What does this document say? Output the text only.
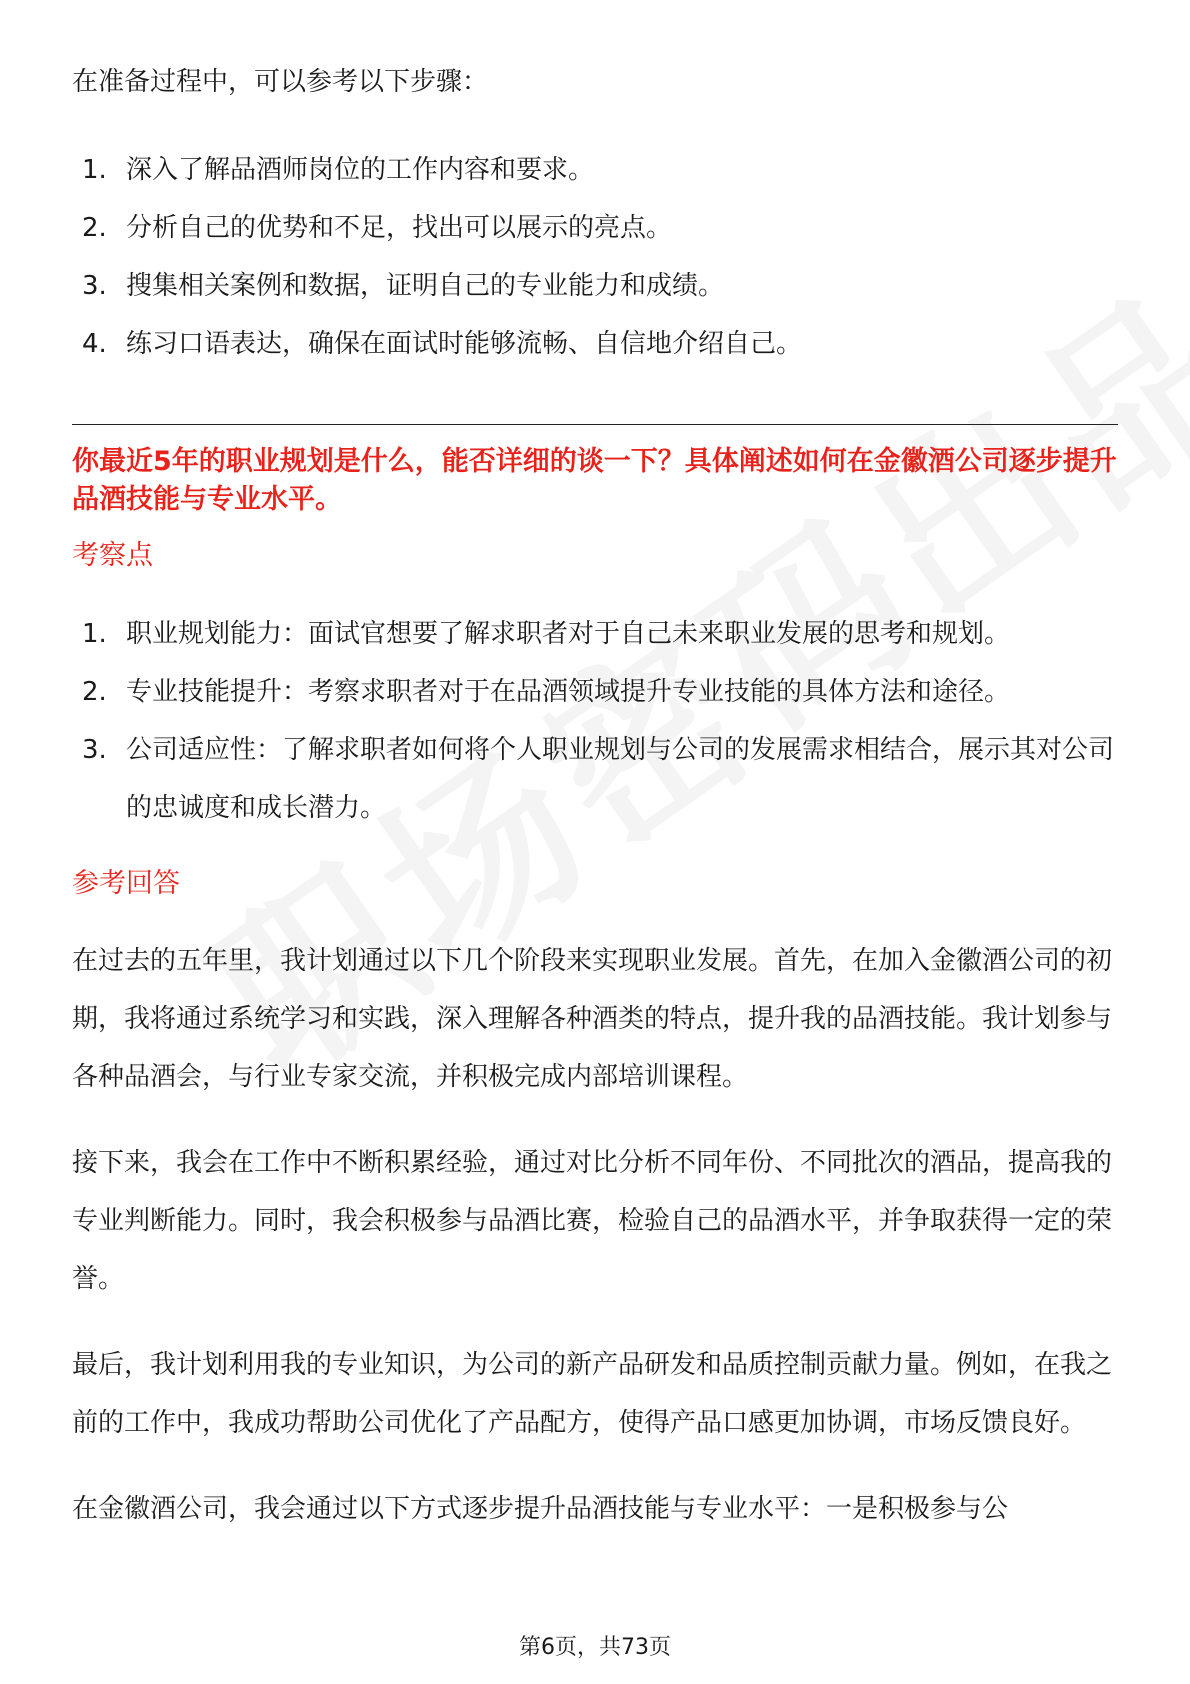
在准备过程中，可以参考以下步骤：
1. 深入了解品酒师岗位的工作内容和要求。
2. 分析自己的优势和不足，找出可以展示的亮点。
3. 搜集相关案例和数据，证明自己的专业能力和成绩。
4. 练习口语表达，确保在面试时能够流畅、自信地介绍自己。
你最近5年的职业规划是什么，能否详细的谈一下？具体阐述如何在金徽酒公司逐步提升品酒技能与专业水平。
考察点
1. 职业规划能力：面试官想要了解求职者对于自己未来职业发展的思考和规划。
2. 专业技能提升：考察求职者对于在品酒领域提升专业技能的具体方法和途径。
3. 公司适应性：了解求职者如何将个人职业规划与公司的发展需求相结合，展示其对公司的忠诚度和成长潜力。
参考回答

在过去的五年里，我计划通过以下几个阶段来实现职业发展。首先，在加入金徽酒公司的初期，我将通过系统学习和实践，深入理解各种酒类的特点，提升我的品酒技能。我计划参与各种品酒会，与行业专家交流，并积极完成内部培训课程。

接下来，我会在工作中不断积累经验，通过对比分析不同年份、不同批次的酒品，提高我的专业判断能力。同时，我会积极参与品酒比赛，检验自己的品酒水平，并争取获得一定的荣誉。

最后，我计划利用我的专业知识，为公司的新产品研发和品质控制贡献力量。例如，在我之前的工作中，我成功帮助公司优化了产品配方，使得产品口感更加协调，市场反馈良好。

在金徽酒公司，我会通过以下方式逐步提升品酒技能与专业水平：一是积极参与公

第6页，共73页
